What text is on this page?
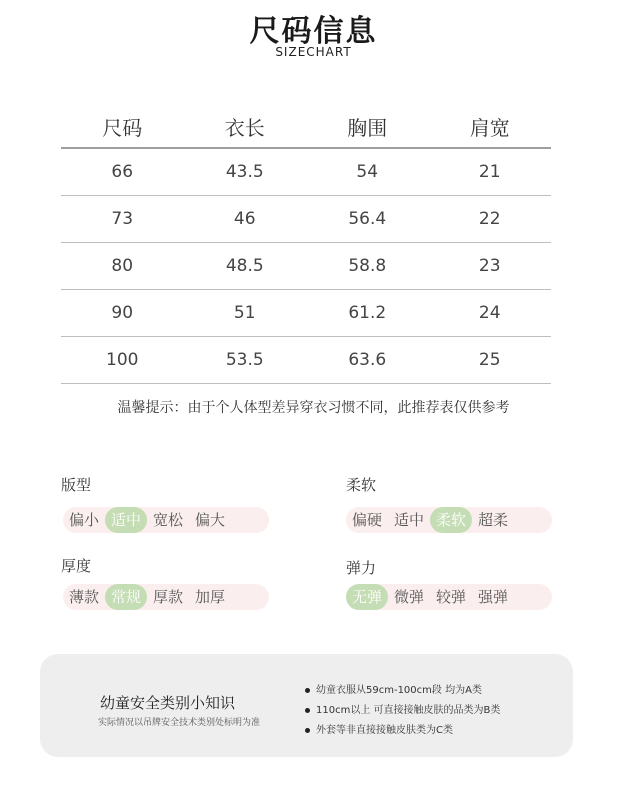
尺码信息
SIZECHART
尺码	衣长	胸围	肩宽
66	43.5	54	21
73	46	56.4	22
80	48.5	58.8	23
90	51	61.2	24
100	53.5	63.6	25
温馨提示：由于个人体型差异穿衣习惯不同，此推荐表仅供参考
版型
偏小 适中 宽松 偏大
柔软
偏硬 适中 柔软 超柔
厚度
薄款 常规 厚款 加厚
弹力
无弹 微弹 较弹 强弹
幼童安全类别小知识
实际情况以吊牌安全技术类别处标明为准
幼童衣服从59cm-100cm段 均为A类
110cm以上 可直接接触皮肤的品类为B类
外套等非直接接触皮肤类为C类
